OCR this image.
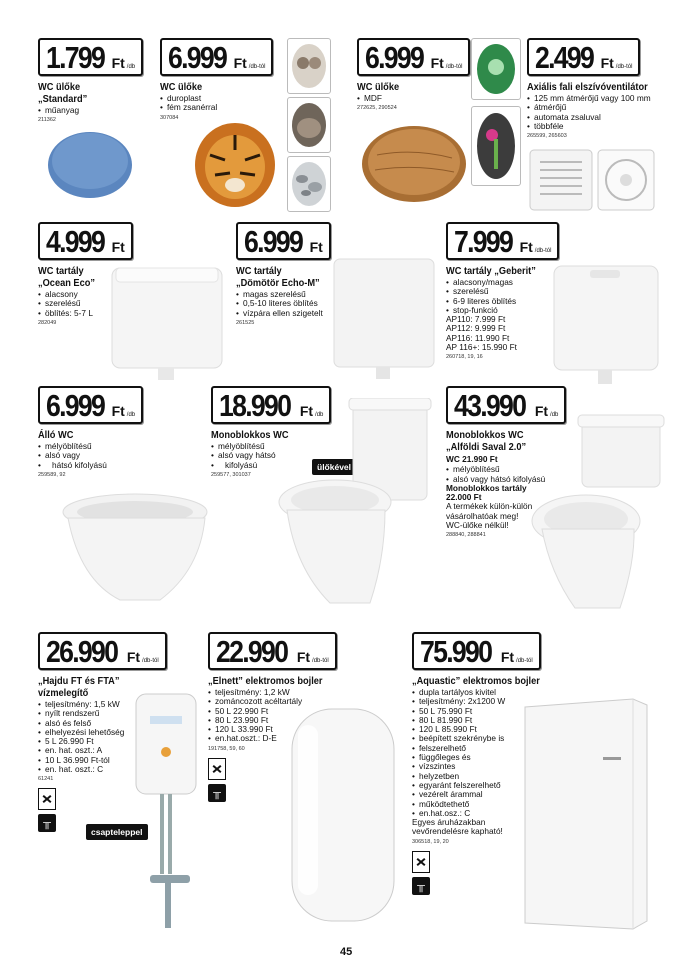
1.799 Ft /db
WC ülőke
„Standard”
• műanyag
211362
6.999 Ft /db-tól
WC ülőke
• duroplast
• fém zsanérral
307084
6.999 Ft /db-tól
WC ülőke
• MDF
272625, 290524
2.499 Ft /db-tól
Axiális fali elszívóventilátor
• 125 mm átmérőjű vagy 100 mm
• átmérőjű
• automata zsaluval
• többféle
265599, 265603
4.999 Ft
WC tartály
„Ocean Eco”
• alacsony
• szerelésű
• öblítés: 5-7 L
282049
6.999 Ft
WC tartály
„Dömötör Echo-M”
• magas szerelésű
• 0,5-10 literes öblítés
• vízpára ellen szigetelt
261525
7.999 Ft /db-tól
WC tartály „Geberit”
• alacsony/magas
• szerelésű
• 6-9 literes öblítés
• stop-funkció
AP110: 7.999 Ft
AP112: 9.999 Ft
AP116: 11.990 Ft
AP 116+: 15.990 Ft
260718, 19, 16
6.999 Ft /db
Álló WC
• mélyöblítésű
• alsó vagy
• hátsó kifolyású
259589, 92
18.990 Ft /db
Monoblokkos WC
• mélyöblítésű
• alsó vagy hátsó
• kifolyású
259577, 301037
ülőkével
43.990 Ft /db
Monoblokkos WC
„Alföldi Saval 2.0”
WC 21.990 Ft
• mélyöblítésű
• alsó vagy hátsó kifolyású
Monoblokkos tartály
22.000 Ft
A termékek külön-külön
vásárolhatóak meg!
WC-ülőke nélkül!
288840, 288841
26.990 Ft /db-tól
„Hajdu FT és FTA”
vízmelegítő
• teljesítmény: 1,5 kW
• nyílt rendszerű
• alsó és felső
• elhelyezési lehetőség
• 5 L 26.990 Ft
• en. hat. oszt.: A
• 10 L 36.990 Ft-tól
• en. hat. oszt.: C
61241
╥
csapteleppel
22.990 Ft /db-tól
„Elnett” elektromos bojler
• teljesítmény: 1,2 kW
• zománcozott acéltartály
• 50 L 22.990 Ft
• 80 L 23.990 Ft
• 120 L 33.990 Ft
• en.hat.oszt.: D-E
191758, 59, 60
╥
75.990 Ft /db-tól
„Aquastic” elektromos bojler
• dupla tartályos kivitel
• teljesítmény: 2x1200 W
• 50 L 75.990 Ft
• 80 L 81.990 Ft
• 120 L 85.990 Ft
• beépített szekrénybe is
• felszerelhető
• függőleges és
• vízszintes
• helyzetben
• egyaránt felszerelhető
• vezérelt árammal
• működtethető
• en.hat.osz.: C
Egyes áruházakban
vevőrendelésre kapható!
306518, 19, 20
╥
45
